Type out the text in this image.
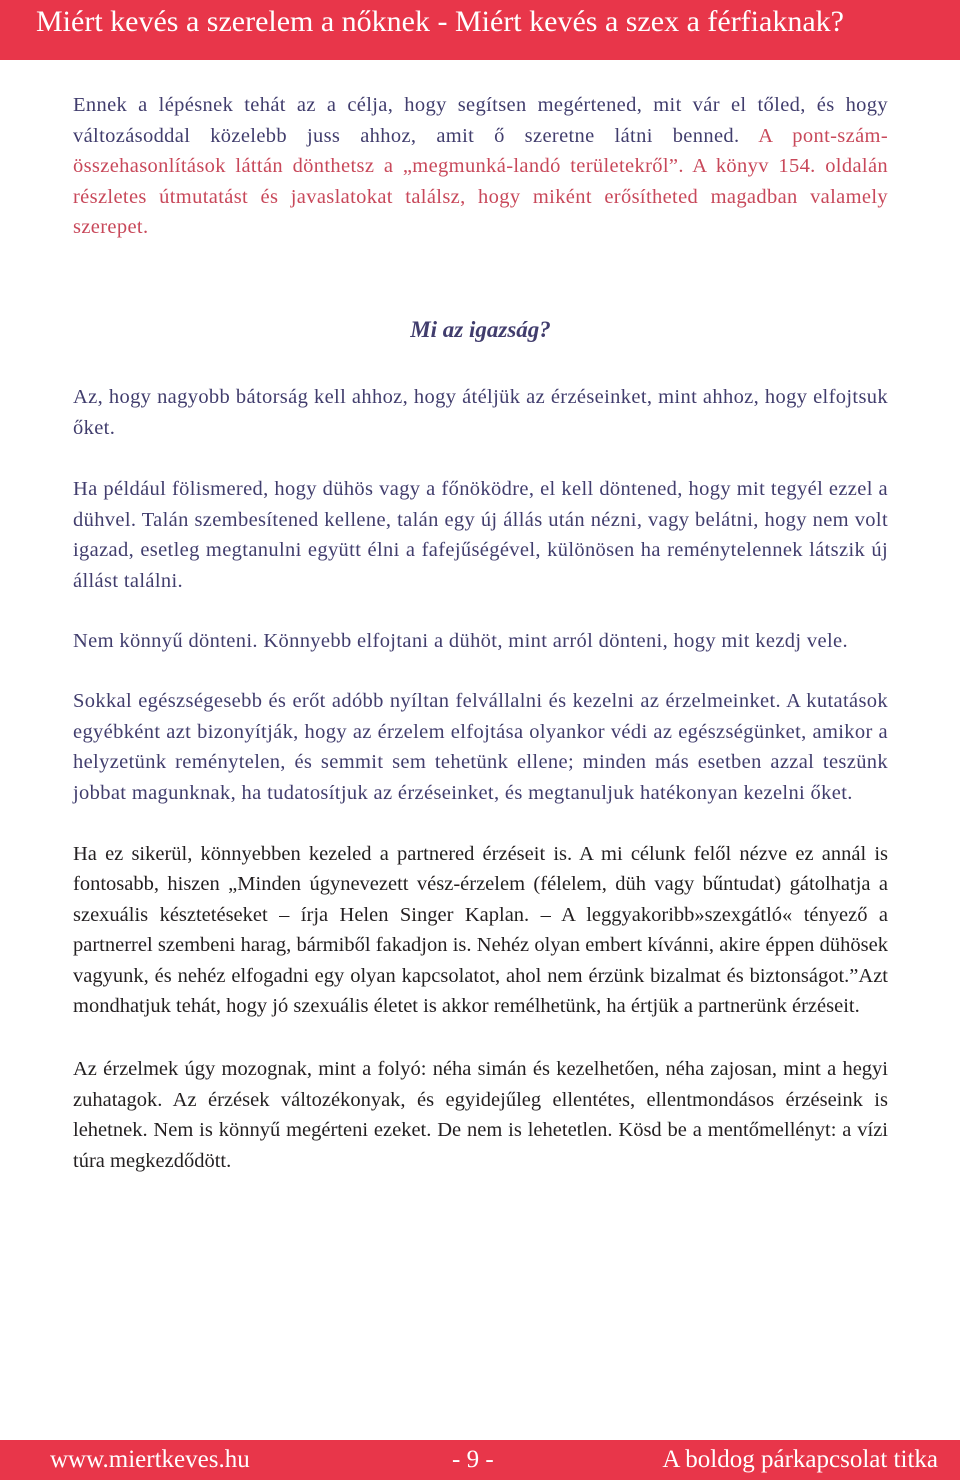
Miért kevés a szerelem a nőknek - Miért kevés a szex a férfiaknak?

Ennek a lépésnek tehát az a célja, hogy segítsen megértened, mit vár el tőled, és hogy változásoddal közelebb juss ahhoz, amit ő szeretne látni benned. A pont-szám-összehasonlítások láttán dönthetsz a „megmunká-landó területekről”. A könyv 154. oldalán részletes útmutatást és javaslatokat találsz, hogy miként erősítheted magadban valamely szerepet.

Mi az igazság?

Az, hogy nagyobb bátorság kell ahhoz, hogy átéljük az érzéseinket, mint ahhoz, hogy elfojtsuk őket.

Ha például fölismered, hogy dühös vagy a főnöködre, el kell döntened, hogy mit tegyél ezzel a dühvel. Talán szembesítened kellene, talán egy új állás után nézni, vagy belátni, hogy nem volt igazad, esetleg megtanulni együtt élni a fafejűségével, különösen ha reménytelennek látszik új állást találni.

Nem könnyű dönteni. Könnyebb elfojtani a dühöt, mint arról dönteni, hogy mit kezdj vele.

Sokkal egészségesebb és erőt adóbb nyíltan felvállalni és kezelni az érzelmeinket. A kutatások egyébként azt bizonyítják, hogy az érzelem elfojtása olyankor védi az egészségünket, amikor a helyzetünk reménytelen, és semmit sem tehetünk ellene; minden más esetben azzal teszünk jobbat magunknak, ha tudatosítjuk az érzéseinket, és megtanuljuk hatékonyan kezelni őket.

Ha ez sikerül, könnyebben kezeled a partnered érzéseit is. A mi célunk felől nézve ez annál is fontosabb, hiszen „Minden úgynevezett vész-érzelem (félelem, düh vagy bűntudat) gátolhatja a szexuális késztetéseket – írja Helen Singer Kaplan. – A leggyakoribb»szexgátló« tényező a partnerrel szembeni harag, bármiből fakadjon is. Nehéz olyan embert kívánni, akire éppen dühösek vagyunk, és nehéz elfogadni egy olyan kapcsolatot, ahol nem érzünk bizalmat és biztonságot.”Azt mondhatjuk tehát, hogy jó szexuális életet is akkor remélhetünk, ha értjük a partnerünk érzéseit.

Az érzelmek úgy mozognak, mint a folyó: néha simán és kezelhetően, néha zajosan, mint a hegyi zuhatagok. Az érzések változékonyak, és egyidejűleg ellentétes, ellentmondásos érzéseink is lehetnek. Nem is könnyű megérteni ezeket. De nem is lehetetlen. Kösd be a mentőmellényt: a vízi túra megkezdődött.

www.miertkeves.hu	- 9 -	A boldog párkapcsolat titka
